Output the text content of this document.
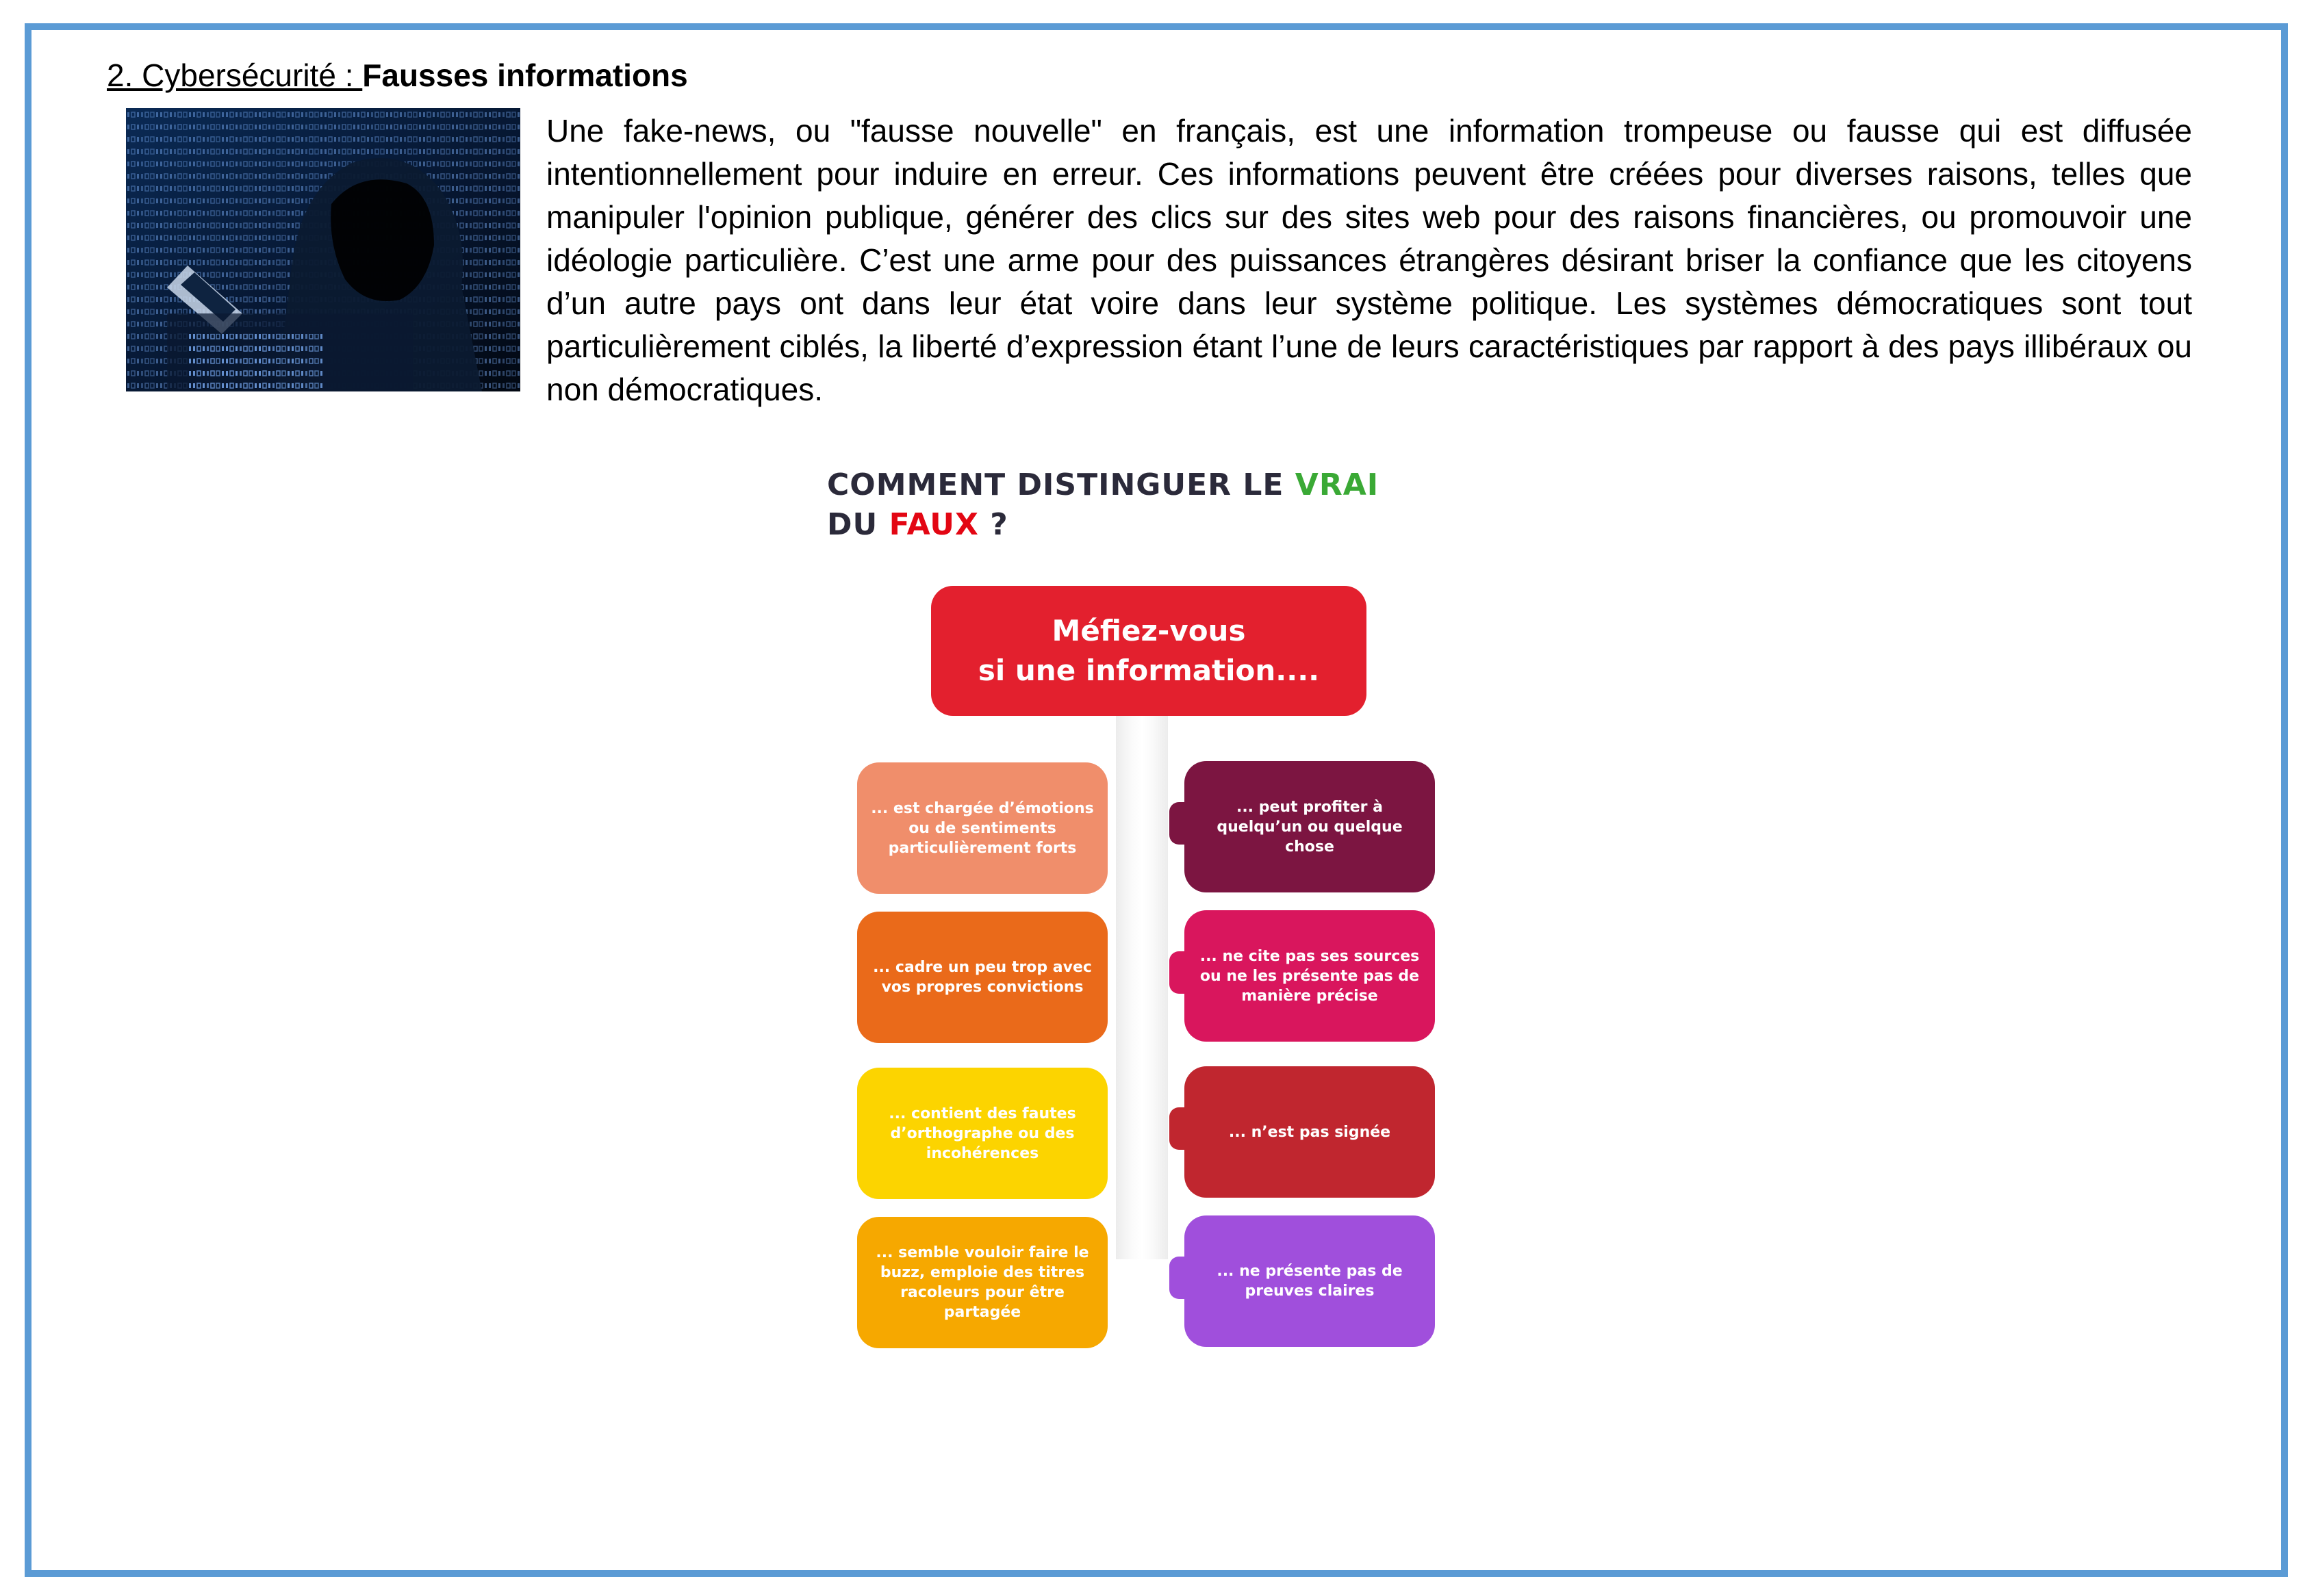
2. Cybersécurité : Fausses informations
Une fake-news, ou "fausse nouvelle" en français, est une information trompeuse ou fausse qui est diffusée intentionnellement pour induire en erreur. Ces informations peuvent être créées pour diverses raisons, telles que manipuler l'opinion publique, générer des clics sur des sites web pour des raisons financières, ou promouvoir une idéologie particulière. C’est une arme pour des puissances étrangères désirant briser la confiance que les citoyens d’un autre pays ont dans leur état voire dans leur système politique. Les systèmes démocratiques sont tout particulièrement ciblés, la liberté d’expression étant l’une de leurs caractéristiques par rapport à des pays illibéraux ou non démocratiques.
COMMENT DISTINGUER LE VRAI
DU FAUX ?
Méfiez-vous
si une information....
... est chargée d’émotions ou de sentiments particulièrement forts
... cadre un peu trop avec vos propres convictions
... contient des fautes d’orthographe ou des incohérences
... semble vouloir faire le buzz, emploie des titres racoleurs pour être partagée
... peut profiter à quelqu’un ou quelque chose
... ne cite pas ses sources ou ne les présente pas de manière précise
... n’est pas signée
... ne présente pas de preuves claires
